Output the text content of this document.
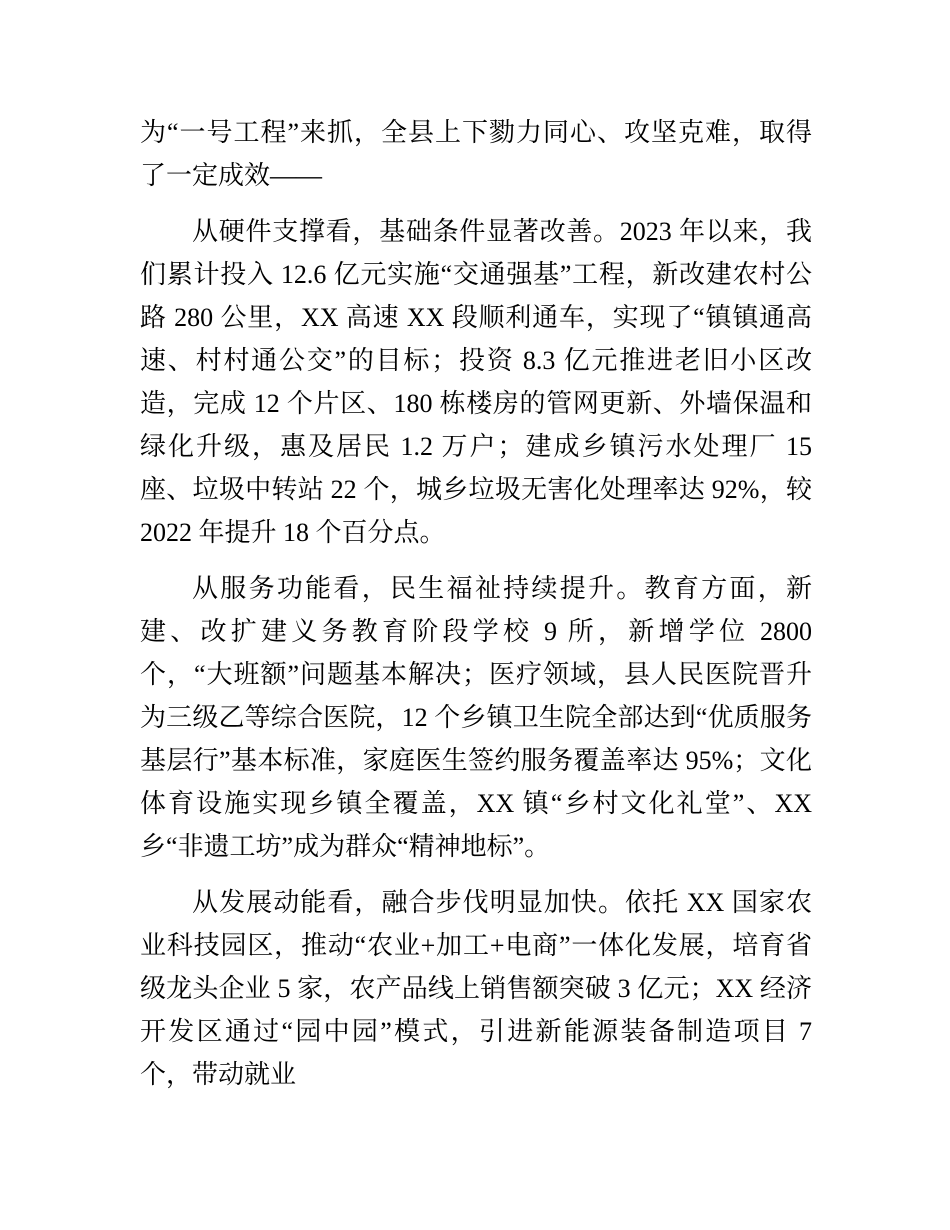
为“一号工程”来抓，全县上下勠力同心、攻坚克难，取得了一定成效——

从硬件支撑看，基础条件显著改善。2023 年以来，我们累计投入 12.6 亿元实施“交通强基”工程，新改建农村公路 280 公里，XX 高速 XX 段顺利通车，实现了“镇镇通高速、村村通公交”的目标；投资 8.3 亿元推进老旧小区改造，完成 12 个片区、180 栋楼房的管网更新、外墙保温和绿化升级，惠及居民 1.2 万户；建成乡镇污水处理厂 15 座、垃圾中转站 22 个，城乡垃圾无害化处理率达 92%，较 2022 年提升 18 个百分点。

从服务功能看，民生福祉持续提升。教育方面，新建、改扩建义务教育阶段学校 9 所，新增学位 2800 个，“大班额”问题基本解决；医疗领域，县人民医院晋升为三级乙等综合医院，12 个乡镇卫生院全部达到“优质服务基层行”基本标准，家庭医生签约服务覆盖率达 95%；文化体育设施实现乡镇全覆盖，XX 镇“乡村文化礼堂”、XX 乡“非遗工坊”成为群众“精神地标”。

从发展动能看，融合步伐明显加快。依托 XX 国家农业科技园区，推动“农业+加工+电商”一体化发展，培育省级龙头企业 5 家，农产品线上销售额突破 3 亿元；XX 经济开发区通过“园中园”模式，引进新能源装备制造项目 7 个，带动就业
